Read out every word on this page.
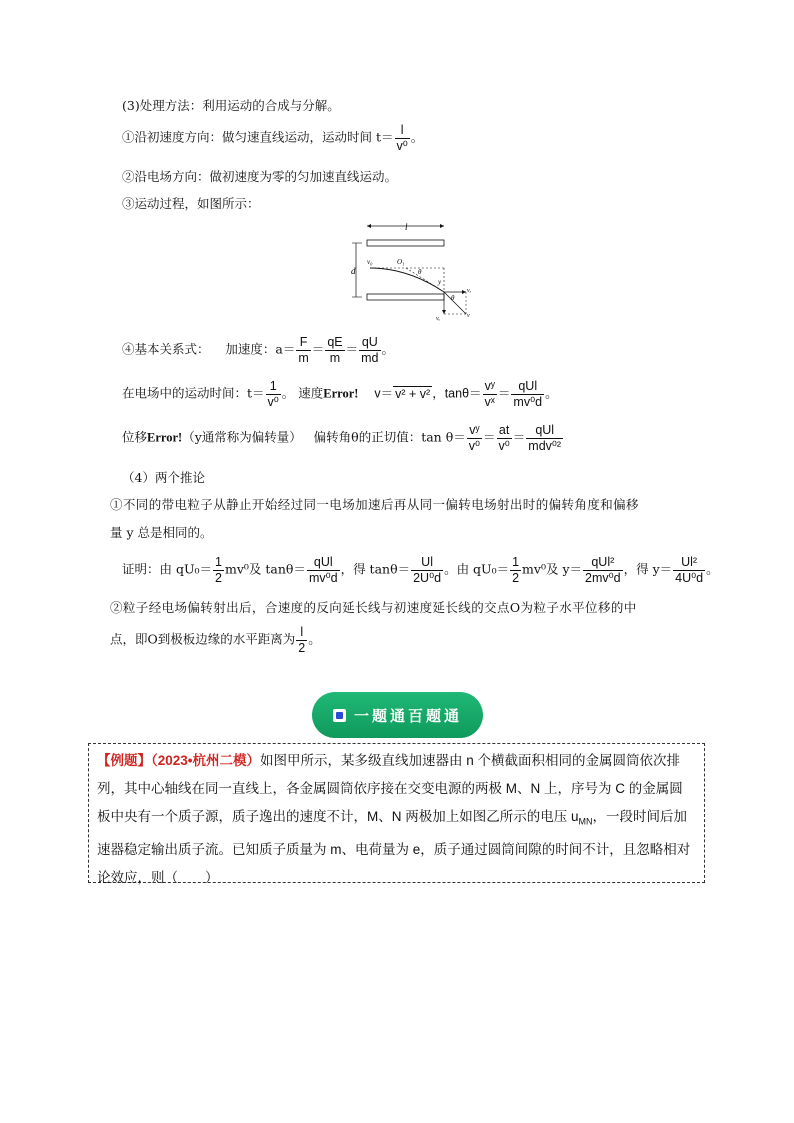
(3)处理方法：利用运动的合成与分解。
①沿初速度方向：做匀速直线运动，运动时间 $t= \frac{l}{\text{v⁰}}$ 。
②沿电场方向：做初速度为零的匀加速直线运动。
③运动过程，如图所示：
l
d
v₀	O₁
θ
y
θ
vₓ
vᵧ	v
④基本关系式： 加速度：$a= \frac{F}{m} = \frac{qE}{m} = \frac{qU}{md}$ 。
在电场中的运动时间：$t= \frac{1}{\text{v⁰}}$ 。 速度Error! v＝ v² + v² ，$\tan\theta= \frac{\text{vʸ}}{\text{vˣ}} = \frac{\text{qUl}}{\text{mv⁰d}}$ 。
位移Error!（y通常称为偏转量） 偏转角θ的正切值：$\tan \theta= \frac{\text{vʸ}}{\text{v⁰}} = \frac{at}{\text{v⁰}} = \frac{\text{qUl}}{\text{mdv⁰²}}$
（4）两个推论
①不同的带电粒子从静止开始经过同一电场加速后再从同一偏转电场射出时的偏转角度和偏移
量 y 总是相同的。
证明：由 $qU_0= \frac{1}{2} mv^0$及 $\tan\theta= \frac{\text{qUl}}{\text{mv⁰d}}$ ，得 $\tan\theta= \frac{Ul}{\text{2U⁰d}}$ 。由 $qU_0= \frac{1}{2} mv^0$及 $y= \frac{\text{qUl²}}{\text{2mv⁰d}}$ ，得 $y= \frac{\text{Ul²}}{\text{4U⁰d}}$ 。
②粒子经电场偏转射出后，合速度的反向延长线与初速度延长线的交点O为粒子水平位移的中
点，即O到极板边缘的水平距离为 $\frac{l}{2}$ 。
一题通百题通
【例题】（2023•杭州二模）如图甲所示，某多级直线加速器由 n 个横截面积相同的金属圆筒依次排列，其中心轴线在同一直线上，各金属圆筒依序接在交变电源的两极 M、N 上，序号为 C 的金属圆板中央有一个质子源，质子逸出的速度不计，M、N 两极加上如图乙所示的电压 $u_{MN}$，一段时间后加速器稳定输出质子流。已知质子质量为 m、电荷量为 e，质子通过圆筒间隙的时间不计，且忽略相对论效应，则（　　）
